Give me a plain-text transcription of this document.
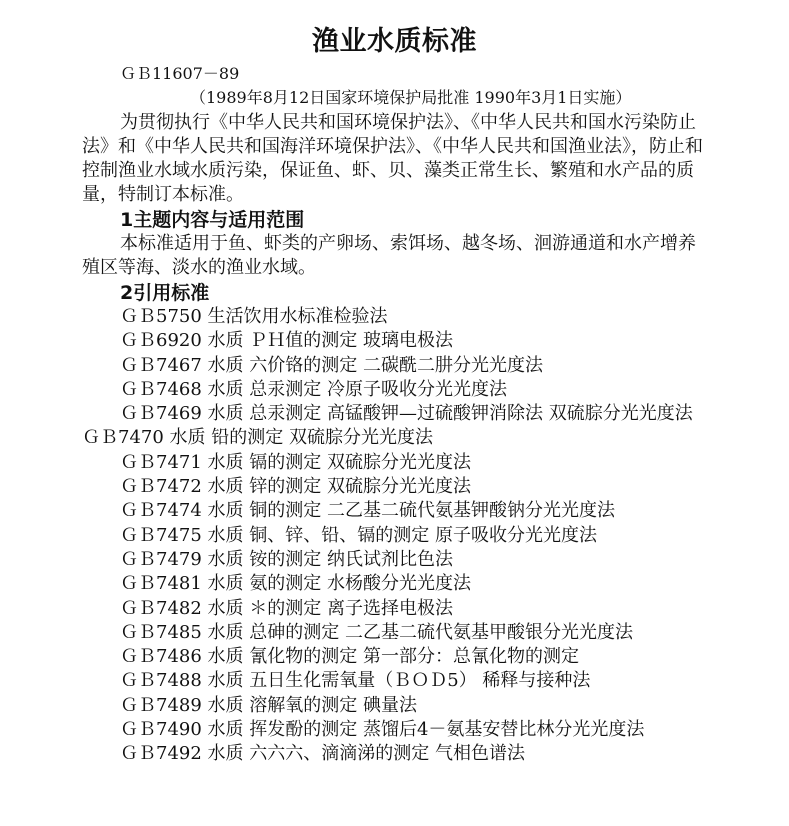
渔业水质标准

ＧＢ11607－89

（1989年8月12日国家环境保护局批准 1990年3月1日实施）

为贯彻执行《中华人民共和国环境保护法》、《中华人民共和国水污染防止法》和《中华人民共和国海洋环境保护法》、《中华人民共和国渔业法》，防止和控制渔业水域水质污染，保证鱼、虾、贝、藻类正常生长、繁殖和水产品的质量，特制订本标准。

1主题内容与适用范围

本标准适用于鱼、虾类的产卵场、索饵场、越冬场、洄游通道和水产增养殖区等海、淡水的渔业水域。

2引用标准

ＧＢ5750 生活饮用水标准检验法

ＧＢ6920 水质 ＰＨ值的测定 玻璃电极法

ＧＢ7467 水质 六价铬的测定 二碳酰二肼分光光度法

ＧＢ7468 水质 总汞测定 冷原子吸收分光光度法

ＧＢ7469 水质 总汞测定 高锰酸钾—过硫酸钾消除法 双硫腙分光光度法ＧＢ7470 水质 铅的测定 双硫腙分光光度法

ＧＢ7471 水质 镉的测定 双硫腙分光光度法

ＧＢ7472 水质 锌的测定 双硫腙分光光度法

ＧＢ7474 水质 铜的测定 二乙基二硫代氨基钾酸钠分光光度法

ＧＢ7475 水质 铜、锌、铅、镉的测定 原子吸收分光光度法

ＧＢ7479 水质 铵的测定 纳氏试剂比色法

ＧＢ7481 水质 氨的测定 水杨酸分光光度法

ＧＢ7482 水质 ＊的测定 离子选择电极法

ＧＢ7485 水质 总砷的测定 二乙基二硫代氨基甲酸银分光光度法

ＧＢ7486 水质 氰化物的测定 第一部分：总氰化物的测定

ＧＢ7488 水质 五日生化需氧量（ＢＯＤ5） 稀释与接种法

ＧＢ7489 水质 溶解氧的测定 碘量法

ＧＢ7490 水质 挥发酚的测定 蒸馏后4－氨基安替比林分光光度法

ＧＢ7492 水质 六六六、滴滴涕的测定 气相色谱法
